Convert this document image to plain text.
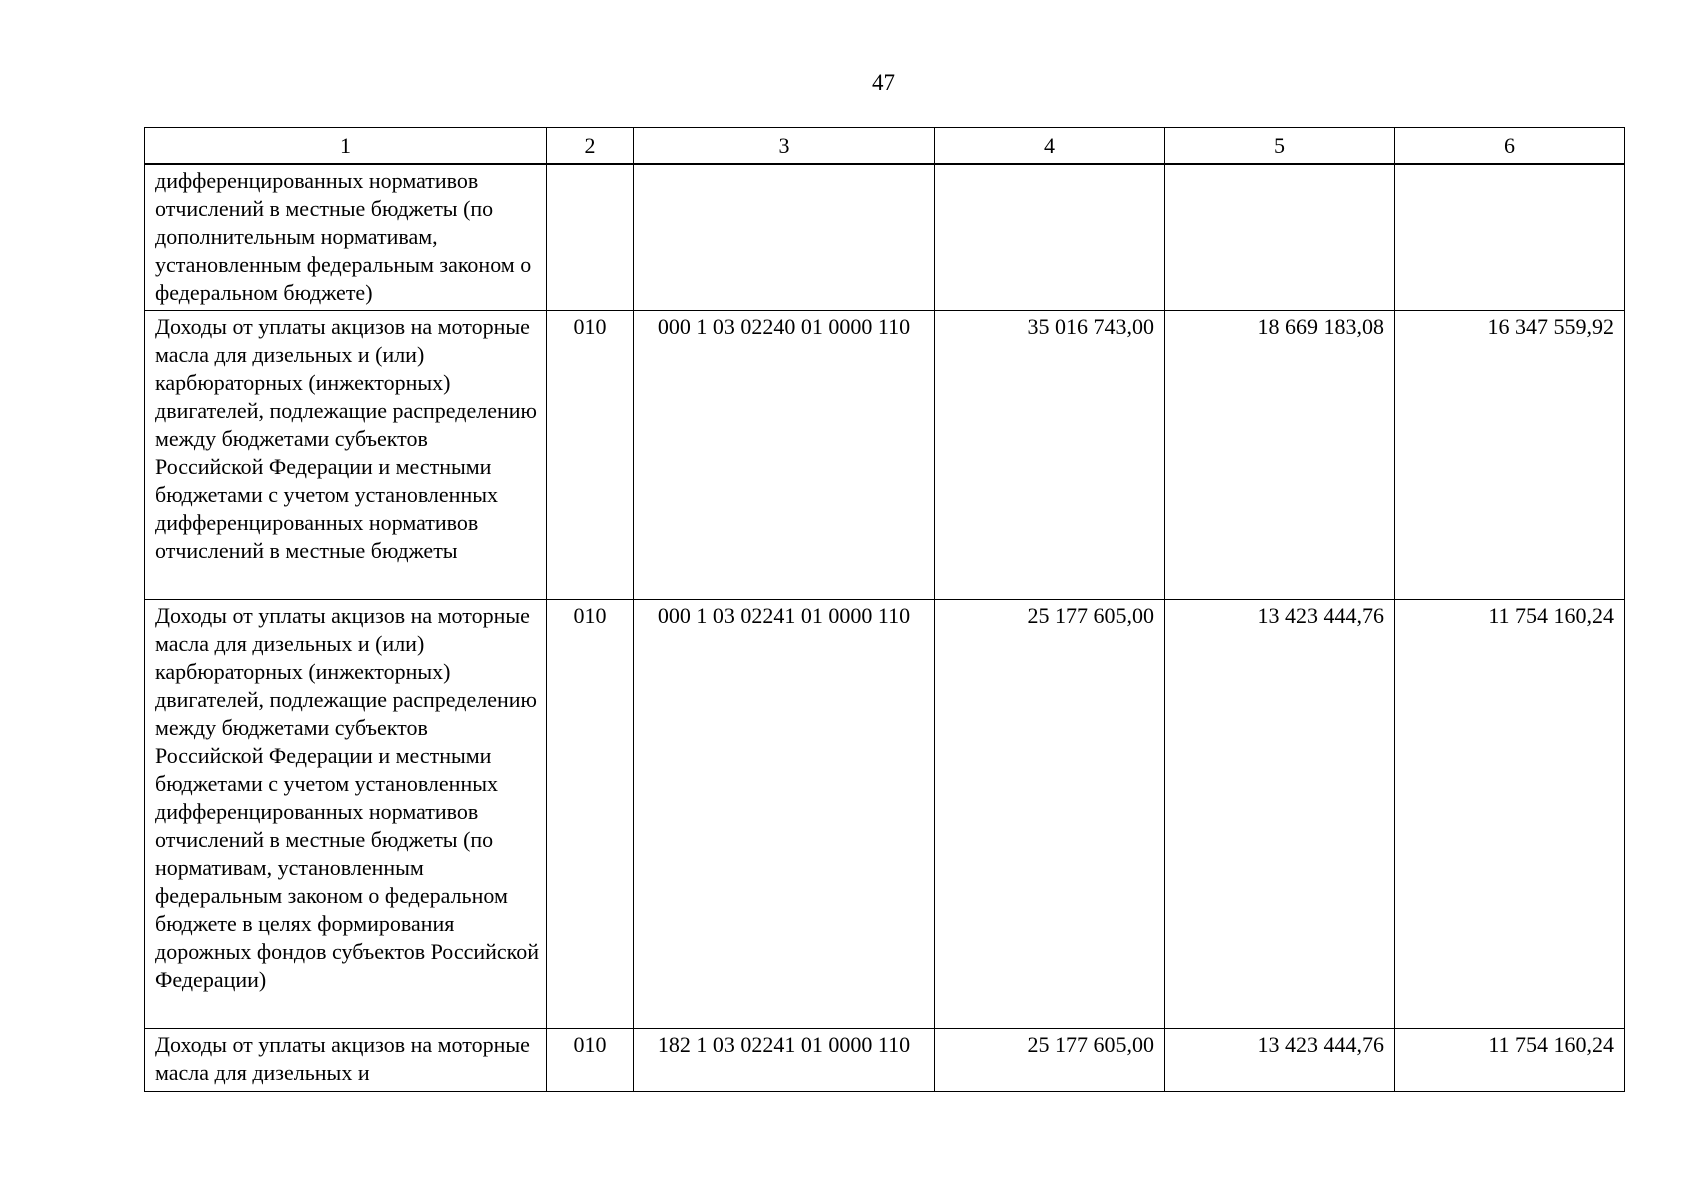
47
1	2	3	4	5	6
дифференцированных нормативов отчислений в местные бюджеты (по дополнительным нормативам, установленным федеральным законом о федеральном бюджете)					
Доходы от уплаты акцизов на моторные масла для дизельных и (или) карбюраторных (инжекторных) двигателей, подлежащие распределению между бюджетами субъектов Российской Федерации и местными бюджетами с учетом установленных дифференцированных нормативов отчислений в местные бюджеты	010	000 1 03 02240 01 0000 110	35 016 743,00	18 669 183,08	16 347 559,92
Доходы от уплаты акцизов на моторные масла для дизельных и (или) карбюраторных (инжекторных) двигателей, подлежащие распределению между бюджетами субъектов Российской Федерации и местными бюджетами с учетом установленных дифференцированных нормативов отчислений в местные бюджеты (по нормативам, установленным федеральным законом о федеральном бюджете в целях формирования дорожных фондов субъектов Российской Федерации)	010	000 1 03 02241 01 0000 110	25 177 605,00	13 423 444,76	11 754 160,24
Доходы от уплаты акцизов на моторные масла для дизельных и	010	182 1 03 02241 01 0000 110	25 177 605,00	13 423 444,76	11 754 160,24
